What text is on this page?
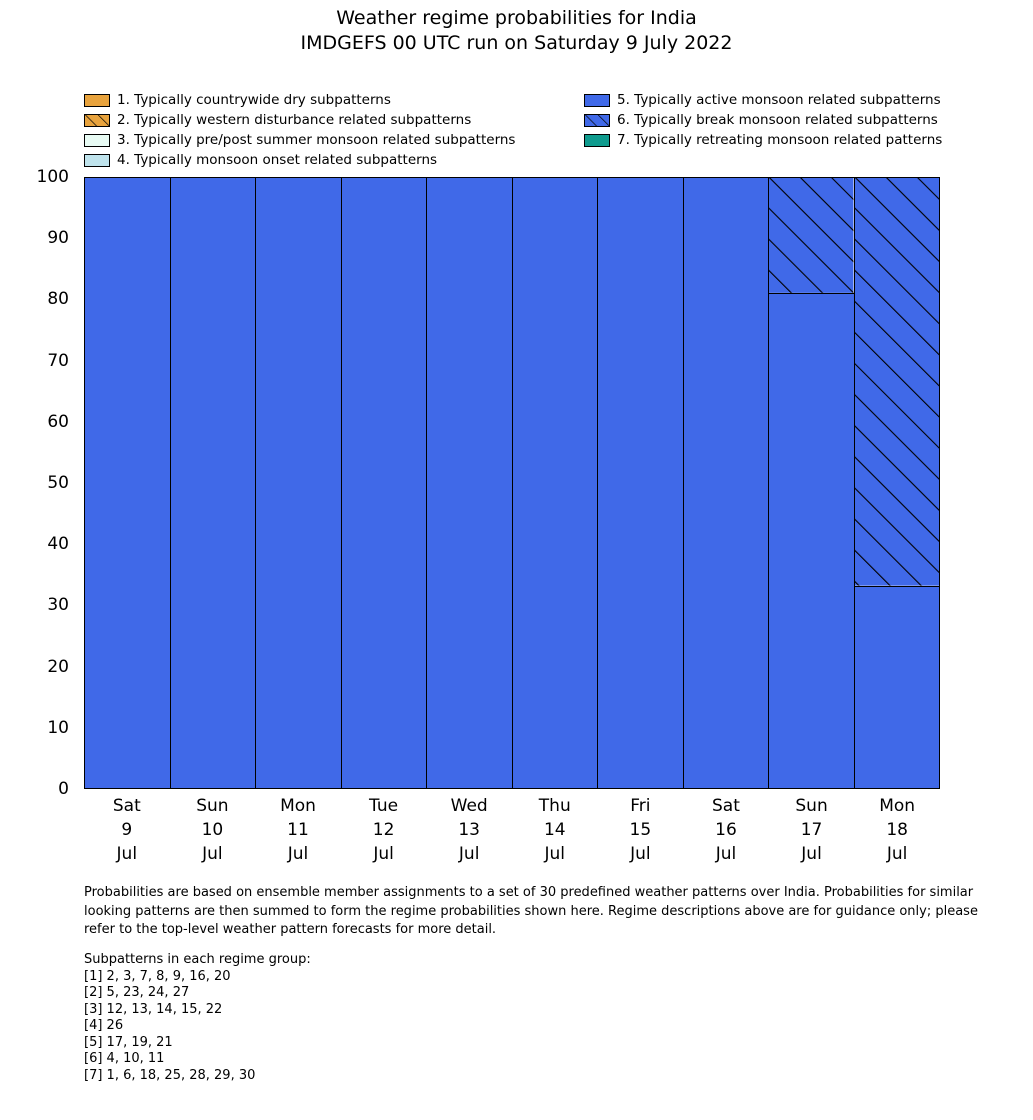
Weather regime probabilities for India
IMDGEFS 00 UTC run on Saturday 9 July 2022
1. Typically countrywide dry subpatterns	5. Typically active monsoon related subpatterns
2. Typically western disturbance related subpatterns	6. Typically break monsoon related subpatterns
3. Typically pre/post summer monsoon related subpatterns	7. Typically retreating monsoon related patterns
4. Typically monsoon onset related subpatterns
0
10
20
30
40
50
60
70
80
90
100
Sat
9
Jul
Sun
10
Jul
Mon
11
Jul
Tue
12
Jul
Wed
13
Jul
Thu
14
Jul
Fri
15
Jul
Sat
16
Jul
Sun
17
Jul
Mon
18
Jul
Probabilities are based on ensemble member assignments to a set of 30 predefined weather patterns over India. Probabilities for similar looking patterns are then summed to form the regime probabilities shown here. Regime descriptions above are for guidance only; please refer to the top-level weather pattern forecasts for more detail.
Subpatterns in each regime group:
[1] 2, 3, 7, 8, 9, 16, 20
[2] 5, 23, 24, 27
[3] 12, 13, 14, 15, 22
[4] 26
[5] 17, 19, 21
[6] 4, 10, 11
[7] 1, 6, 18, 25, 28, 29, 30
